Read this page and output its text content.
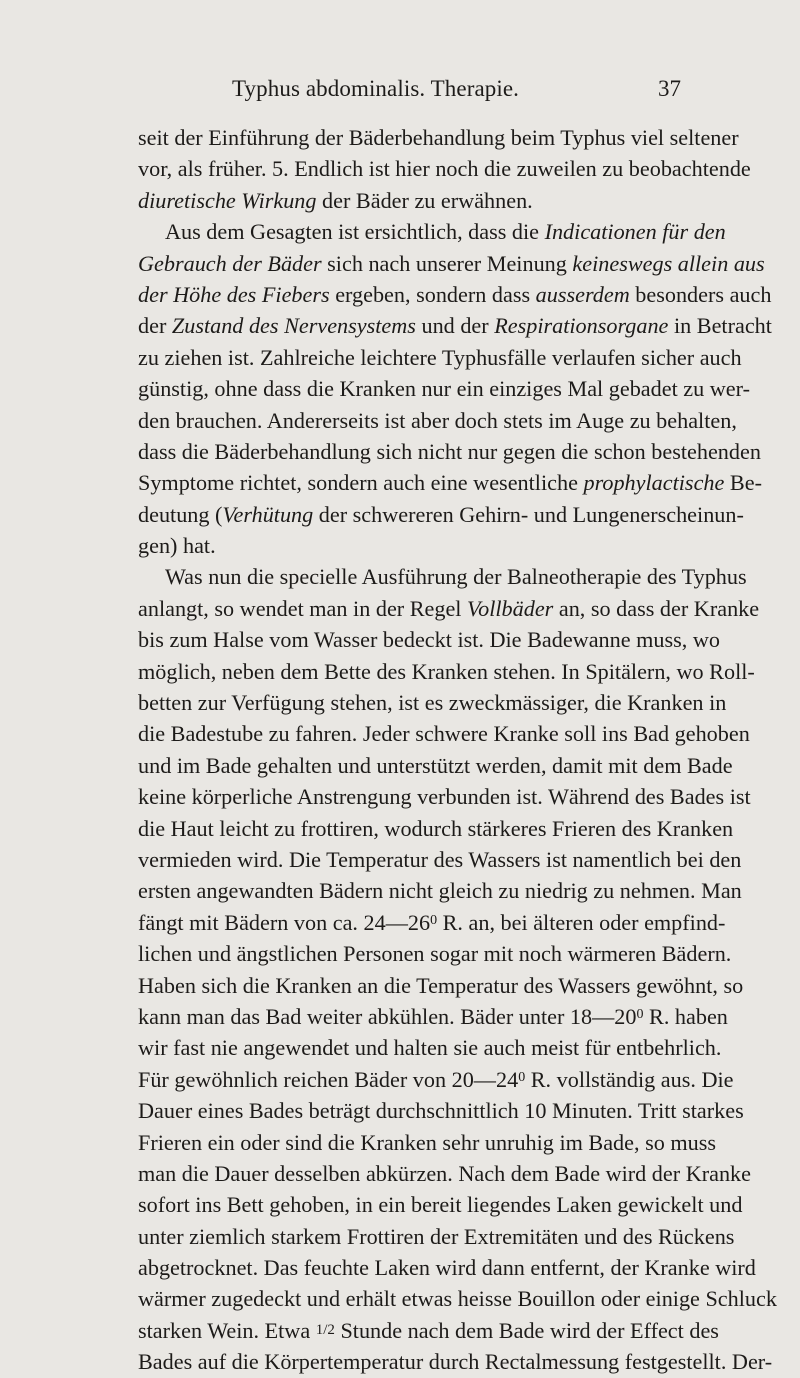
Typhus abdominalis. Therapie.	37
seit der Einführung der Bäderbehandlung beim Typhus viel seltener
vor, als früher. 5. Endlich ist hier noch die zuweilen zu beobachtende
diuretische Wirkung der Bäder zu erwähnen.
Aus dem Gesagten ist ersichtlich, dass die Indicationen für den
Gebrauch der Bäder sich nach unserer Meinung keineswegs allein aus
der Höhe des Fiebers ergeben, sondern dass ausserdem besonders auch
der Zustand des Nervensystems und der Respirationsorgane in Betracht
zu ziehen ist. Zahlreiche leichtere Typhusfälle verlaufen sicher auch
günstig, ohne dass die Kranken nur ein einziges Mal gebadet zu wer-
den brauchen. Andererseits ist aber doch stets im Auge zu behalten,
dass die Bäderbehandlung sich nicht nur gegen die schon bestehenden
Symptome richtet, sondern auch eine wesentliche prophylactische Be-
deutung (Verhütung der schwereren Gehirn- und Lungenerscheinun-
gen) hat.
Was nun die specielle Ausführung der Balneotherapie des Typhus
anlangt, so wendet man in der Regel Vollbäder an, so dass der Kranke
bis zum Halse vom Wasser bedeckt ist. Die Badewanne muss, wo
möglich, neben dem Bette des Kranken stehen. In Spitälern, wo Roll-
betten zur Verfügung stehen, ist es zweckmässiger, die Kranken in
die Badestube zu fahren. Jeder schwere Kranke soll ins Bad gehoben
und im Bade gehalten und unterstützt werden, damit mit dem Bade
keine körperliche Anstrengung verbunden ist. Während des Bades ist
die Haut leicht zu frottiren, wodurch stärkeres Frieren des Kranken
vermieden wird. Die Temperatur des Wassers ist namentlich bei den
ersten angewandten Bädern nicht gleich zu niedrig zu nehmen. Man
fängt mit Bädern von ca. $24—26^0$ R. an, bei älteren oder empfind-
lichen und ängstlichen Personen sogar mit noch wärmeren Bädern.
Haben sich die Kranken an die Temperatur des Wassers gewöhnt, so
kann man das Bad weiter abkühlen. Bäder unter $18—20^0$ R. haben
wir fast nie angewendet und halten sie auch meist für entbehrlich.
Für gewöhnlich reichen Bäder von $20—24^0$ R. vollständig aus. Die
Dauer eines Bades beträgt durchschnittlich 10 Minuten. Tritt starkes
Frieren ein oder sind die Kranken sehr unruhig im Bade, so muss
man die Dauer desselben abkürzen. Nach dem Bade wird der Kranke
sofort ins Bett gehoben, in ein bereit liegendes Laken gewickelt und
unter ziemlich starkem Frottiren der Extremitäten und des Rückens
abgetrocknet. Das feuchte Laken wird dann entfernt, der Kranke wird
wärmer zugedeckt und erhält etwas heisse Bouillon oder einige Schluck
starken Wein. Etwa 1/2 Stunde nach dem Bade wird der Effect des
Bades auf die Körpertemperatur durch Rectalmessung festgestellt. Der-
